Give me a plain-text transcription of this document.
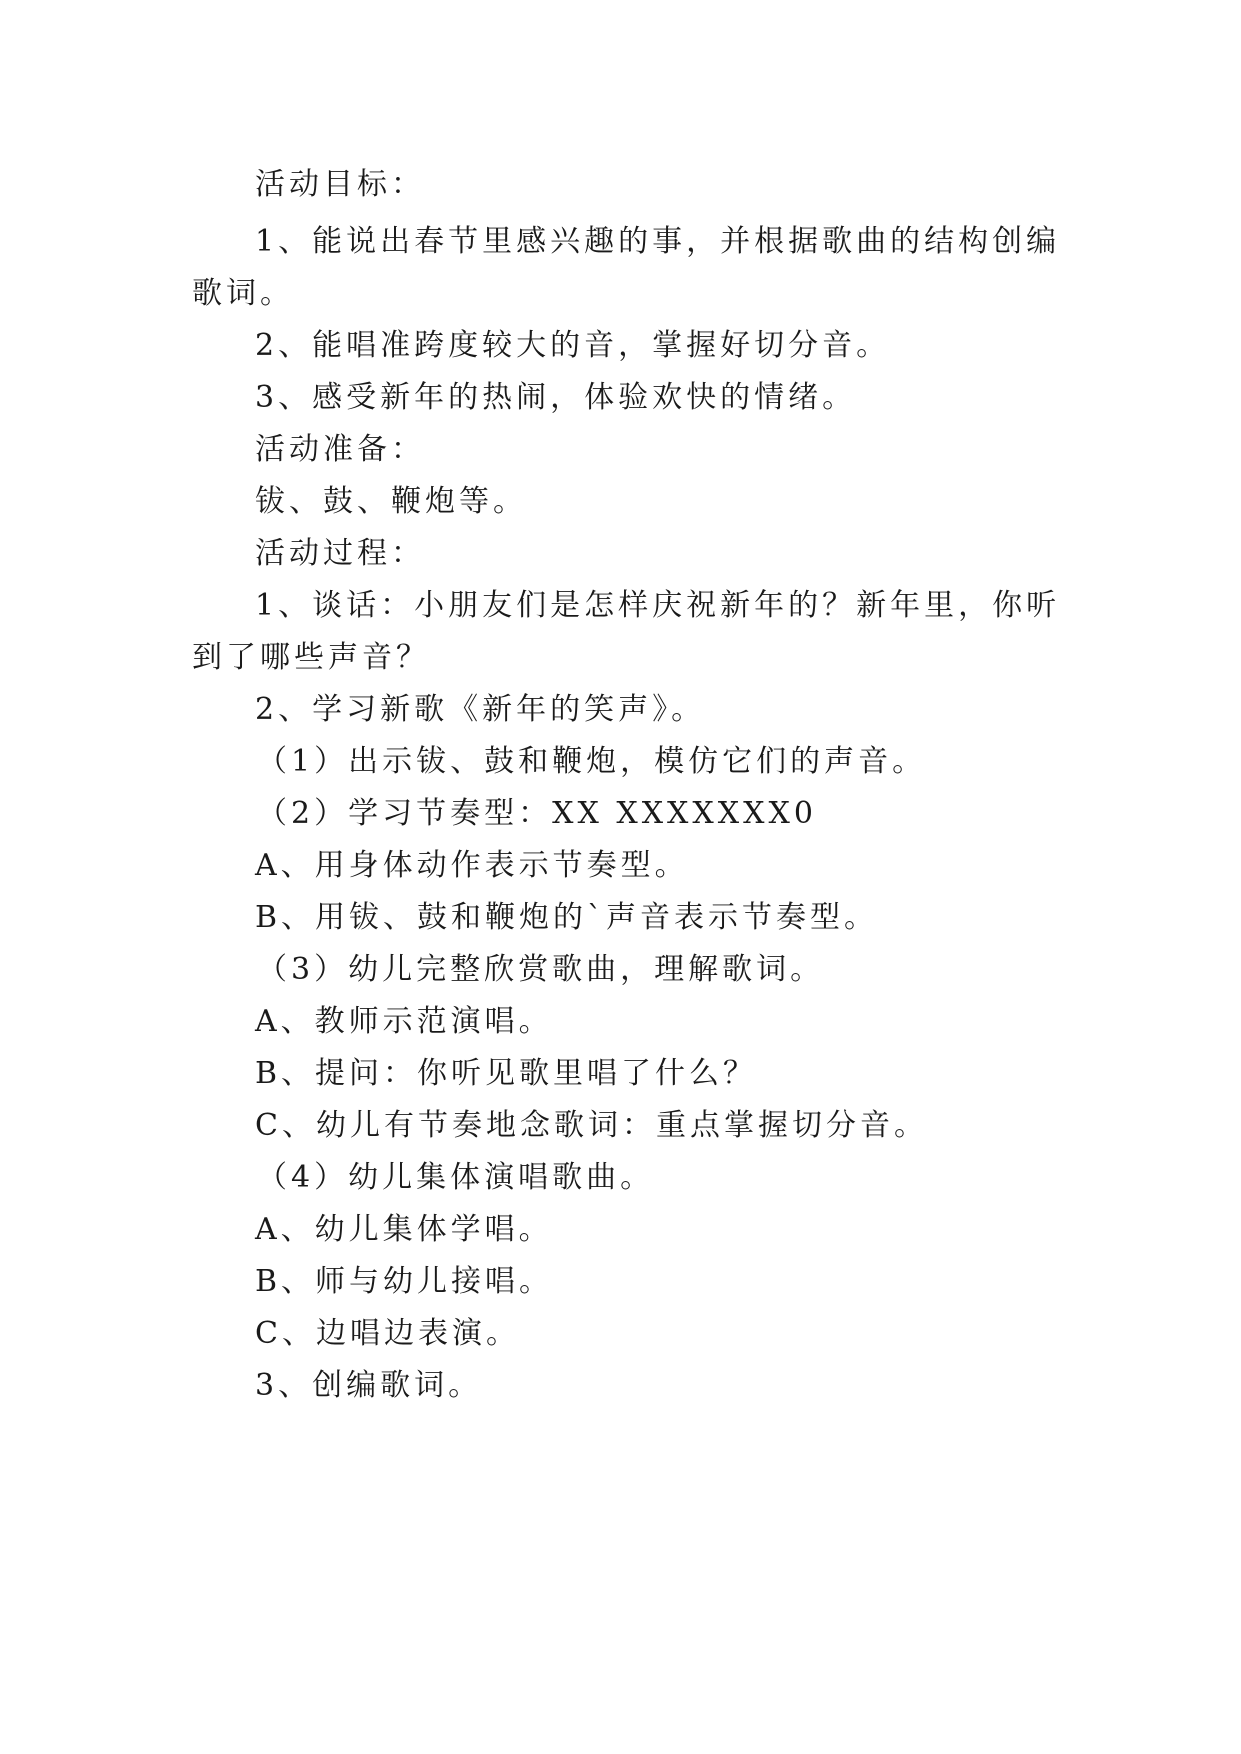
活动目标：
1、能说出春节里感兴趣的事，并根据歌曲的结构创编
歌词。
2、能唱准跨度较大的音，掌握好切分音。
3、感受新年的热闹，体验欢快的情绪。
活动准备：
钹、鼓、鞭炮等。
活动过程：
1、谈话：小朋友们是怎样庆祝新年的？新年里，你听
到了哪些声音？
2、学习新歌《新年的笑声》。
（1）出示钹、鼓和鞭炮，模仿它们的声音。
（2）学习节奏型：XX XXXXXXX0
A、用身体动作表示节奏型。
B、用钹、鼓和鞭炮的`声音表示节奏型。
（3）幼儿完整欣赏歌曲，理解歌词。
A、教师示范演唱。
B、提问：你听见歌里唱了什么？
C、幼儿有节奏地念歌词：重点掌握切分音。
（4）幼儿集体演唱歌曲。
A、幼儿集体学唱。
B、师与幼儿接唱。
C、边唱边表演。
3、创编歌词。
